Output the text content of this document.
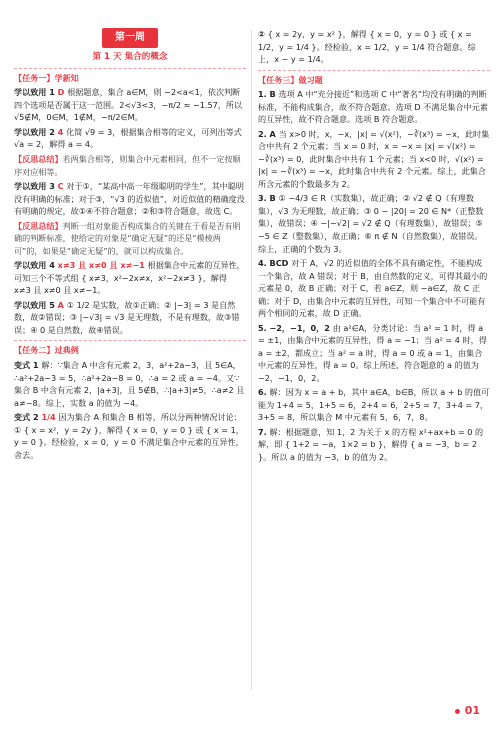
第一周
第 1 天 集合的概念
【任务一】学新知
学以致用 1 D 根据题意，集合 a∈M，则 −2<a<1，依次判断四个选项是否属于这一范围。2<√3<3，−π/2 ≈ −1.57，所以 √5∉M，0∈M，1∉M，−π/2∈M。
学以致用 2 4 化简 √9 = 3，根据集合相等的定义，可列出等式 √a = 2，解得 a = 4。
【反思总结】若两集合相等，则集合中元素相同，但不一定按顺序对应相等。
学以致用 3 C 对于①，“某高中高一年级聪明的学生”，其中聪明没有明确的标准；对于③，“√3 的近似值”，对近似值的精确度没有明确的规定，故①④不符合题意；②和③符合题意，故选 C。
【反思总结】判断一组对象能否构成集合的关键在于看是否有明确的判断标准，使给定的对象是“确定无疑”的还是“模棱两可”的，如果是“确定无疑”的，就可以构成集合。
学以致用 4 x≠3 且 x≠0 且 x≠−1 根据集合中元素的互异性，可知三个不等式组 { x≠3，x²−2x≠x，x²−2x≠3 }，解得 x≠3 且 x≠0 且 x≠−1。
学以致用 5 A ① 1/2 是实数，故①正确；② |−3| = 3 是自然数，故②错误；③ |−√3| = √3 是无理数，不是有理数，故③错误；④ 0 是自然数，故④错误。
【任务二】过典例
变式 1 解：∵集合 A 中含有元素 2，3，a²+2a−3，且 5∈A，∴a²+2a−3 = 5，∴a²+2a−8 = 0，∴a = 2 或 a = −4。又∵集合 B 中含有元素 2，|a+3|，且 5∉B，∴|a+3|≠5，∴a≠2 且 a≠−8。综上，实数 a 的值为 −4。
变式 2 1/4 因为集合 A 和集合 B 相等，所以分两种情况讨论：① { x = x²，y = 2y }，解得 { x = 0，y = 0 } 或 { x = 1，y = 0 }。经检验，x = 0，y = 0 不满足集合中元素的互异性，舍去。
② { x = 2y，y = x² }，解得 { x = 0，y = 0 } 或 { x = 1/2，y = 1/4 }。经检验，x = 1/2，y = 1/4 符合题意。综上，x − y = 1/4。
【任务三】做习题
1. B 选项 A 中“充分接近”和选项 C 中“著名”均没有明确的判断标准，不能构成集合，故不符合题意。选项 D 不满足集合中元素的互异性，故不符合题意。选项 B 符合题意。
2. A 当 x>0 时，x，−x，|x| = √(x²)，−∛(x³) = −x，此时集合中共有 2 个元素；当 x = 0 时，x = −x = |x| = √(x²) = −∛(x³) = 0，此时集合中共有 1 个元素；当 x<0 时，√(x²) = |x| = −∛(x³) = −x，此时集合中共有 2 个元素。综上，此集合所含元素的个数最多为 2。
3. B ① −4/3 ∈ R（实数集），故正确；② √2 ∉ Q（有理数集），√3 为无理数，故正确；③ 0 − |20| = 20 ∈ N*（正整数集），故错误；④ −|−√2| = √2 ∉ Q（有理数集），故错误；⑤ −5 ∈ Z（整数集），故正确；⑥ π ∉ N（自然数集），故错误。综上，正确的个数为 3。
4. BCD 对于 A，√2 的近似值的全体不具有确定性，不能构成一个集合，故 A 错误；对于 B，由自然数的定义，可得其最小的元素是 0，故 B 正确；对于 C，若 a∈Z，则 −a∈Z，故 C 正确；对于 D，由集合中元素的互异性，可知一个集合中不可能有两个相同的元素，故 D 正确。
5. −2，−1，0，2 由 a²∈A，分类讨论：当 a² = 1 时，得 a = ±1，由集合中元素的互异性，得 a = −1；当 a² = 4 时，得 a = ±2，都成立；当 a² = a 时，得 a = 0 或 a = 1，由集合中元素的互异性，得 a = 0。综上所述，符合题意的 a 的值为 −2，−1，0，2。
6. 解：因为 x = a + b，其中 a∈A，b∈B，所以 a + b 的值可能为 1+4 = 5，1+5 = 6，2+4 = 6，2+5 = 7，3+4 = 7，3+5 = 8，所以集合 M 中元素有 5，6，7，8。
7. 解：根据题意，知 1，2 为关于 x 的方程 x²+ax+b = 0 的解，即 { 1+2 = −a，1×2 = b }，解得 { a = −3，b = 2 }。所以 a 的值为 −3，b 的值为 2。
01
